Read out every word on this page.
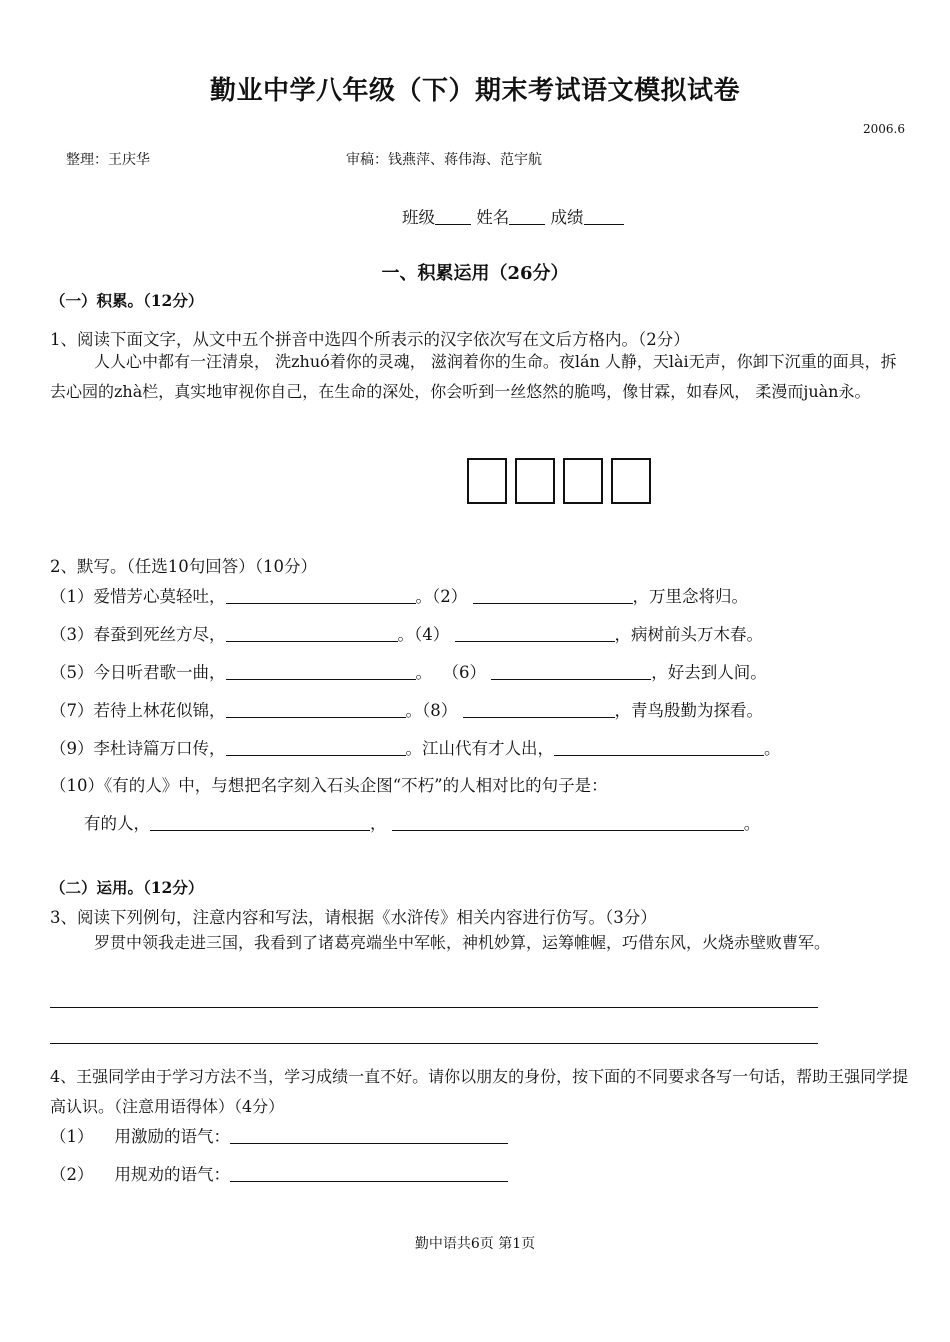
勤业中学八年级（下）期末考试语文模拟试卷
2006.6
整理：王庆华	审稿：钱燕萍、蒋伟海、范宇航
班级	姓名	成绩
一、积累运用（26分）
（一）积累。（12分）
1、阅读下面文字，从文中五个拼音中选四个所表示的汉字依次写在文后方格内。（2分）
人人心中都有一汪清泉， 洗zhuó着你的灵魂， 滋润着你的生命。夜lán 人静，天lài无声，你卸下沉重的面具，拆去心园的zhà栏，真实地审视你自己，在生命的深处，你会听到一丝悠然的脆鸣，像甘霖，如春风， 柔漫而juàn永。
2、默写。（任选10句回答）（10分）
（1）爱惜芳心莫轻吐，	。（2）	，万里念将归。
（3）春蚕到死丝方尽，	。（4）	，病树前头万木春。
（5）今日听君歌一曲，	。 （6）	，好去到人间。
（7）若待上林花似锦，	。（8）	，青鸟殷勤为探看。
（9）李杜诗篇万口传，	。江山代有才人出，	。
（10）《有的人》中，与想把名字刻入石头企图“不朽”的人相对比的句子是：
有的人，	，	。
（二）运用。（12分）
3、阅读下列例句，注意内容和写法，请根据《水浒传》相关内容进行仿写。（3分）
罗贯中领我走进三国，我看到了诸葛亮端坐中军帐，神机妙算，运筹帷幄，巧借东风，火烧赤壁败曹军。
4、王强同学由于学习方法不当，学习成绩一直不好。请你以朋友的身份，按下面的不同要求各写一句话，帮助王强同学提高认识。（注意用语得体）（4分）
（1） 用激励的语气：
（2） 用规劝的语气：
勤中语共6页 第1页
